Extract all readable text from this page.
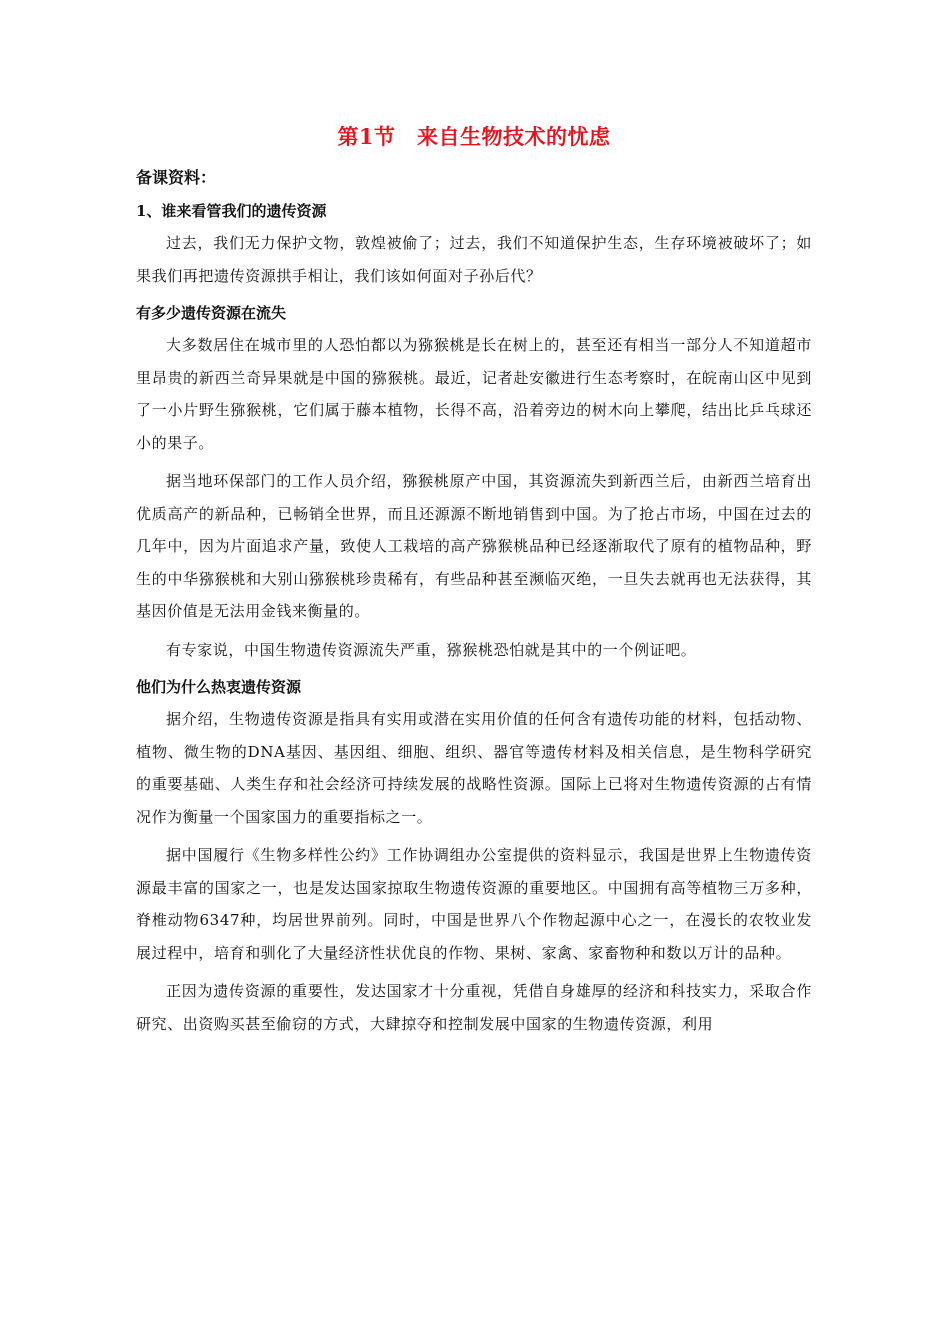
第1节　来自生物技术的忧虑
备课资料：
1、谁来看管我们的遗传资源

过去，我们无力保护文物，敦煌被偷了；过去，我们不知道保护生态，生存环境被破坏了；如果我们再把遗传资源拱手相让，我们该如何面对子孙后代？

有多少遗传资源在流失

大多数居住在城市里的人恐怕都以为猕猴桃是长在树上的，甚至还有相当一部分人不知道超市里昂贵的新西兰奇异果就是中国的猕猴桃。最近，记者赴安徽进行生态考察时，在皖南山区中见到了一小片野生猕猴桃，它们属于藤本植物，长得不高，沿着旁边的树木向上攀爬，结出比乒乓球还小的果子。

据当地环保部门的工作人员介绍，猕猴桃原产中国，其资源流失到新西兰后，由新西兰培育出优质高产的新品种，已畅销全世界，而且还源源不断地销售到中国。为了抢占市场，中国在过去的几年中，因为片面追求产量，致使人工栽培的高产猕猴桃品种已经逐渐取代了原有的植物品种，野生的中华猕猴桃和大别山猕猴桃珍贵稀有，有些品种甚至濒临灭绝，一旦失去就再也无法获得，其基因价值是无法用金钱来衡量的。

有专家说，中国生物遗传资源流失严重，猕猴桃恐怕就是其中的一个例证吧。

他们为什么热衷遗传资源

据介绍，生物遗传资源是指具有实用或潜在实用价值的任何含有遗传功能的材料，包括动物、植物、微生物的DNA基因、基因组、细胞、组织、器官等遗传材料及相关信息，是生物科学研究的重要基础、人类生存和社会经济可持续发展的战略性资源。国际上已将对生物遗传资源的占有情况作为衡量一个国家国力的重要指标之一。

据中国履行《生物多样性公约》工作协调组办公室提供的资料显示，我国是世界上生物遗传资源最丰富的国家之一，也是发达国家掠取生物遗传资源的重要地区。中国拥有高等植物三万多种，脊椎动物6347种，均居世界前列。同时，中国是世界八个作物起源中心之一，在漫长的农牧业发展过程中，培育和驯化了大量经济性状优良的作物、果树、家禽、家畜物种和数以万计的品种。

正因为遗传资源的重要性，发达国家才十分重视，凭借自身雄厚的经济和科技实力，采取合作研究、出资购买甚至偷窃的方式，大肆掠夺和控制发展中国家的生物遗传资源，利用
